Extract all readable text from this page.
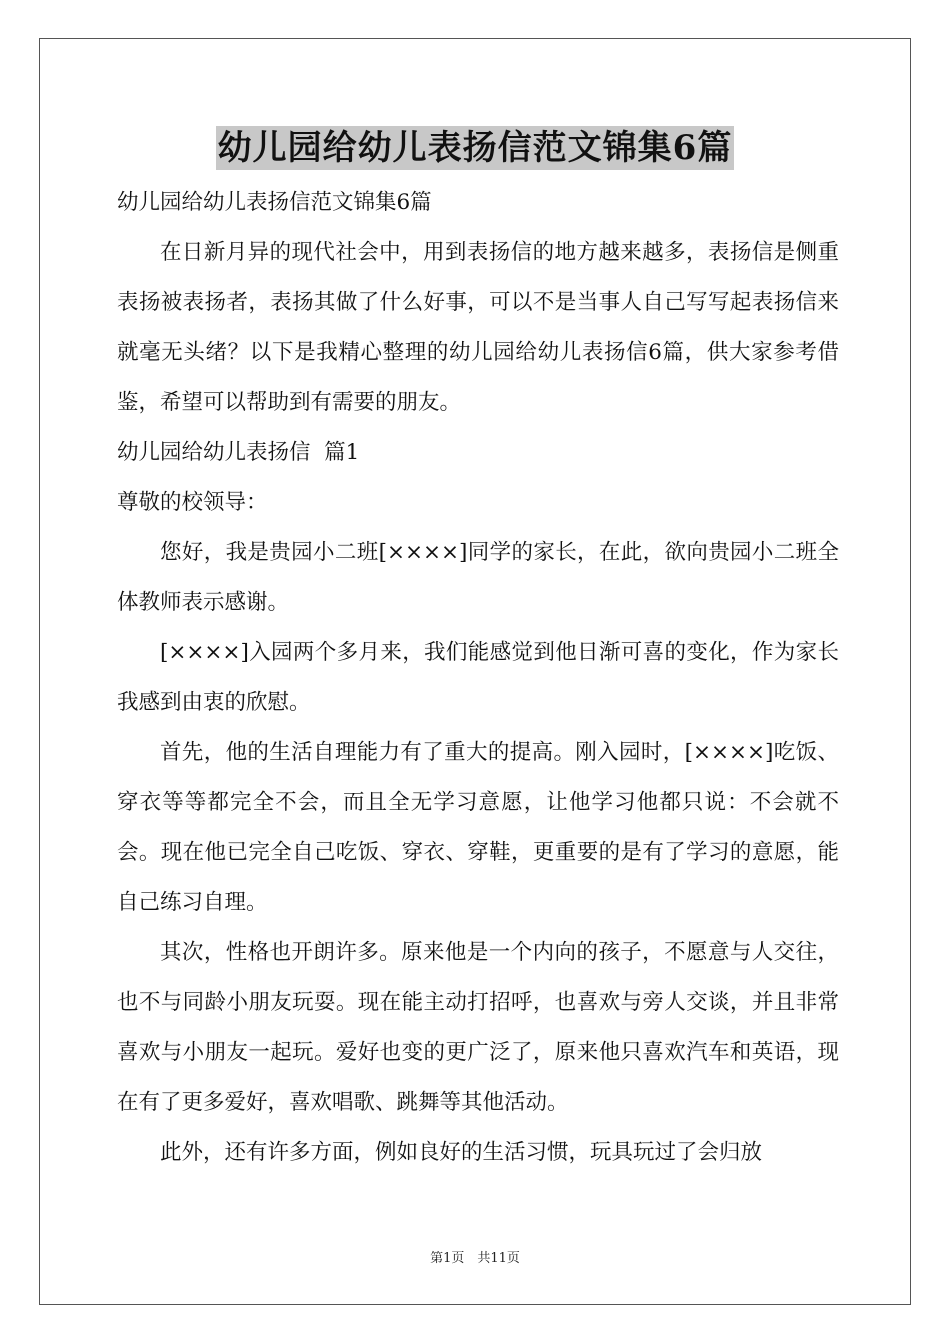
幼儿园给幼儿表扬信范文锦集6篇

幼儿园给幼儿表扬信范文锦集6篇

在日新月异的现代社会中，用到表扬信的地方越来越多，表扬信是侧重表扬被表扬者，表扬其做了什么好事，可以不是当事人自己写写起表扬信来就毫无头绪？以下是我精心整理的幼儿园给幼儿表扬信6篇，供大家参考借鉴，希望可以帮助到有需要的朋友。

幼儿园给幼儿表扬信  篇1

尊敬的校领导：

您好，我是贵园小二班[××××]同学的家长，在此，欲向贵园小二班全体教师表示感谢。

[××××]入园两个多月来，我们能感觉到他日渐可喜的变化，作为家长我感到由衷的欣慰。

首先，他的生活自理能力有了重大的提高。刚入园时，[××××]吃饭、穿衣等等都完全不会，而且全无学习意愿，让他学习他都只说：不会就不会。现在他已完全自己吃饭、穿衣、穿鞋，更重要的是有了学习的意愿，能自己练习自理。

其次，性格也开朗许多。原来他是一个内向的孩子，不愿意与人交往，也不与同龄小朋友玩耍。现在能主动打招呼，也喜欢与旁人交谈，并且非常喜欢与小朋友一起玩。爱好也变的更广泛了，原来他只喜欢汽车和英语，现在有了更多爱好，喜欢唱歌、跳舞等其他活动。

此外，还有许多方面，例如良好的生活习惯，玩具玩过了会归放

第1页　共11页
